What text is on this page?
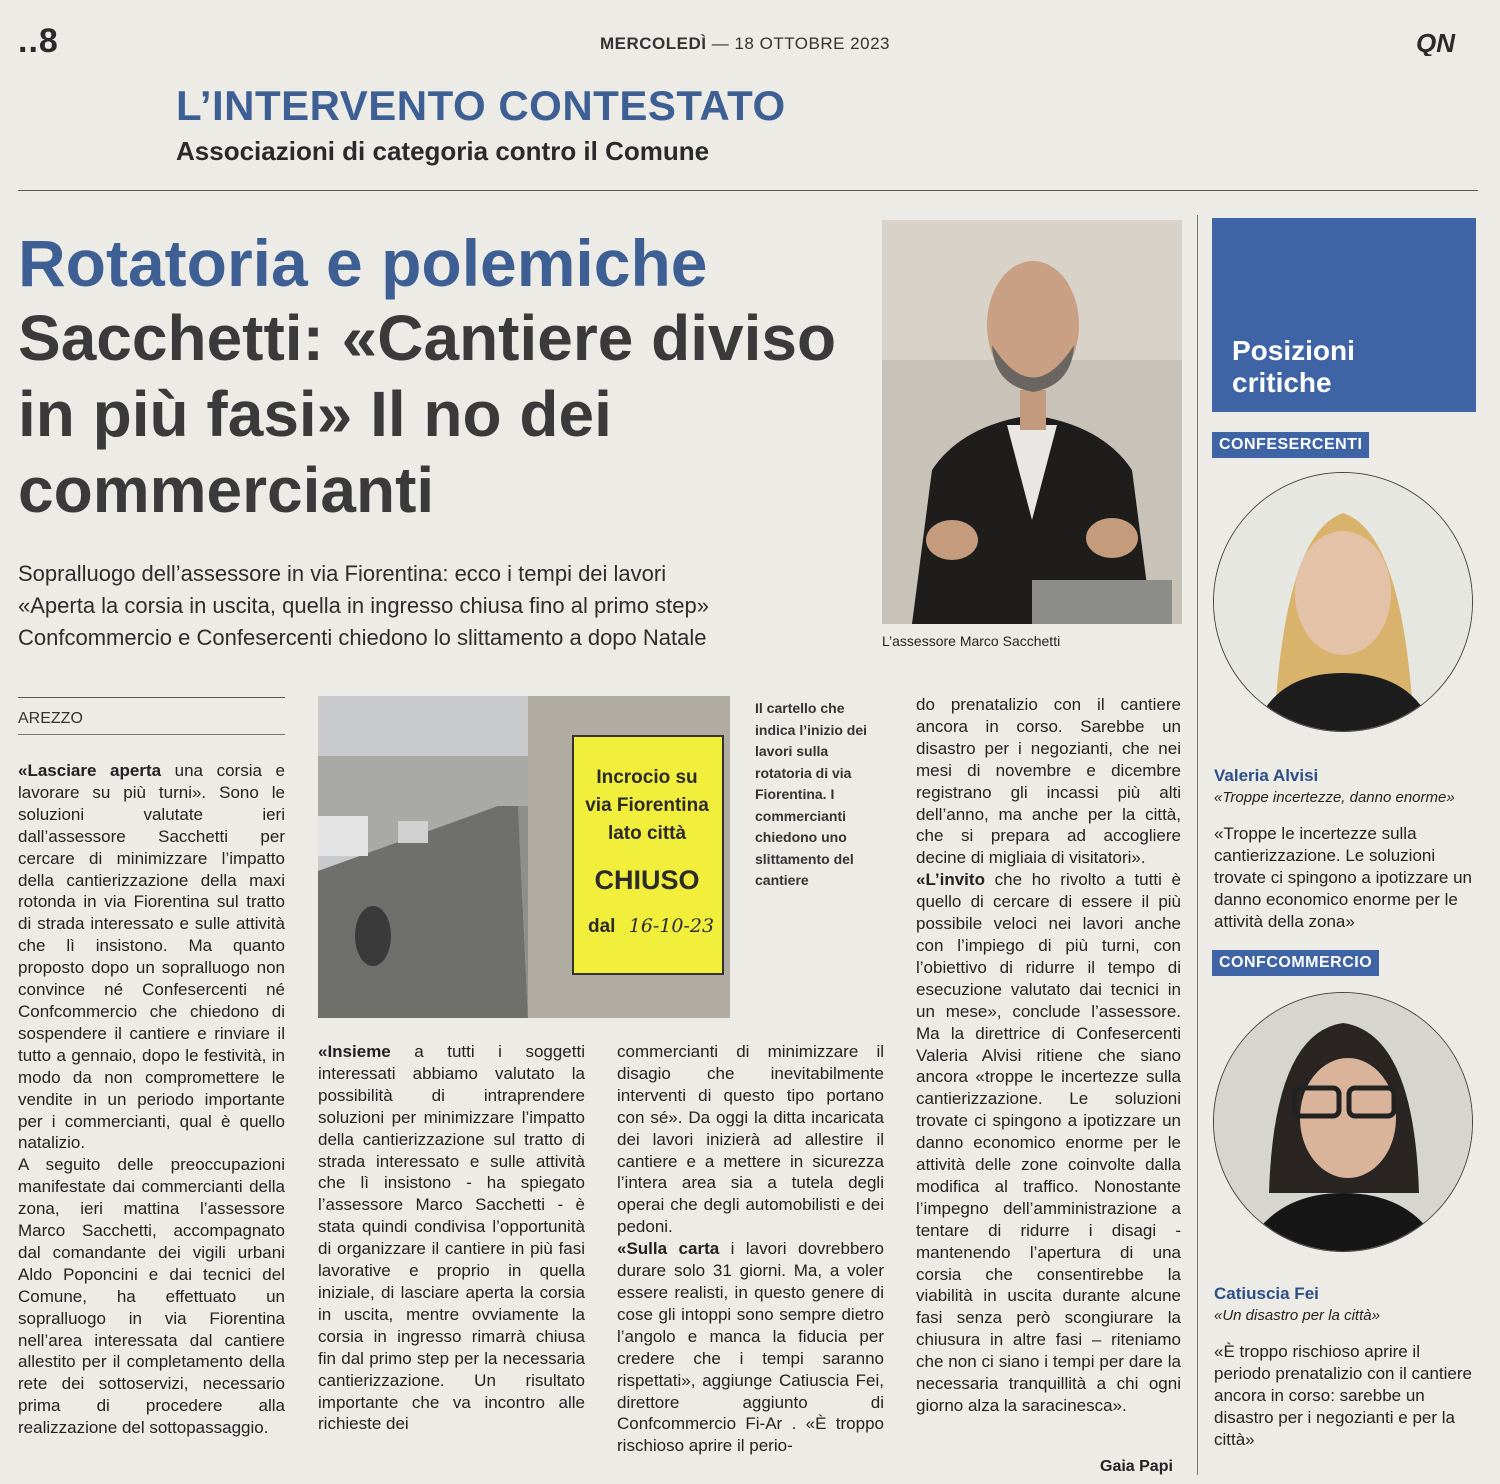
..8	MERCOLEDÌ — 18 OTTOBRE 2023	QN
L’INTERVENTO CONTESTATO
Associazioni di categoria contro il Comune
Rotatoria e polemiche
Sacchetti: «Cantiere diviso in più fasi» Il no dei commercianti
Sopralluogo dell’assessore in via Fiorentina: ecco i tempi dei lavori
«Aperta la corsia in uscita, quella in ingresso chiusa fino al primo step»
Confcommercio e Confesercenti chiedono lo slittamento a dopo Natale	L’assessore Marco Sacchetti
Posizioni
critiche
CONFESERCENTI
Valeria Alvisi
«Troppe incertezze, danno enorme»
«Troppe le incertezze sulla cantierizzazione. Le soluzioni trovate ci spingono a ipotizzare un danno economico enorme per le attività della zona»
CONFCOMMERCIO
Catiuscia Fei
«Un disastro per la città»
«È troppo rischioso aprire il periodo prenatalizio con il cantiere ancora in corso: sarebbe un disastro per i negozianti e per la città»
AREZZO

«Lasciare aperta una corsia e lavorare su più turni». Sono le soluzioni valutate ieri dall’assessore Sacchetti per cercare di minimizzare l’impatto della cantierizzazione della maxi rotonda in via Fiorentina sul tratto di strada interessato e sulle attività che lì insistono. Ma quanto proposto dopo un sopralluogo non convince né Confesercenti né Confcommercio che chiedono di sospendere il cantiere e rinviare il tutto a gennaio, dopo le festività, in modo da non compromettere le vendite in un periodo importante per i commercianti, qual è quello natalizio.

A seguito delle preoccupazioni manifestate dai commercianti della zona, ieri mattina l’assessore Marco Sacchetti, accompagnato dal comandante dei vigili urbani Aldo Poponcini e dai tecnici del Comune, ha effettuato un sopralluogo in via Fiorentina nell’area interessata dal cantiere allestito per il completamento della rete dei sottoservizi, necessario prima di procedere alla realizzazione del sottopassaggio.

Incrocio su
via Fiorentina
lato città
CHIUSO
dal 16-10-23
Il cartello che indica l’inizio dei lavori sulla rotatoria di via Fiorentina. I commercianti chiedono uno slittamento del cantiere

«Insieme a tutti i soggetti interessati abbiamo valutato la possibilità di intraprendere soluzioni per minimizzare l’impatto della cantierizzazione sul tratto di strada interessato e sulle attività che lì insistono - ha spiegato l’assessore Marco Sacchetti - è stata quindi condivisa l’opportunità di organizzare il cantiere in più fasi lavorative e proprio in quella iniziale, di lasciare aperta la corsia in uscita, mentre ovviamente la corsia in ingresso rimarrà chiusa fin dal primo step per la necessaria cantierizzazione. Un risultato importante che va incontro alle richieste dei

commercianti di minimizzare il disagio che inevitabilmente interventi di questo tipo portano con sé». Da oggi la ditta incaricata dei lavori inizierà ad allestire il cantiere e a mettere in sicurezza l’intera area sia a tutela degli operai che degli automobilisti e dei pedoni.

«Sulla carta i lavori dovrebbero durare solo 31 giorni. Ma, a voler essere realisti, in questo genere di cose gli intoppi sono sempre dietro l’angolo e manca la fiducia per credere che i tempi saranno rispettati», aggiunge Catiuscia Fei, direttore aggiunto di Confcommercio Fi-Ar . «È troppo rischioso aprire il perio-

do prenatalizio con il cantiere ancora in corso. Sarebbe un disastro per i negozianti, che nei mesi di novembre e dicembre registrano gli incassi più alti dell’anno, ma anche per la città, che si prepara ad accogliere decine di migliaia di visitatori».

«L’invito che ho rivolto a tutti è quello di cercare di essere il più possibile veloci nei lavori anche con l’impiego di più turni, con l’obiettivo di ridurre il tempo di esecuzione valutato dai tecnici in un mese», conclude l’assessore. Ma la direttrice di Confesercenti Valeria Alvisi ritiene che siano ancora «troppe le incertezze sulla cantierizzazione. Le soluzioni trovate ci spingono a ipotizzare un danno economico enorme per le attività delle zone coinvolte dalla modifica al traffico. Nonostante l’impegno dell’amministrazione a tentare di ridurre i disagi - mantenendo l’apertura di una corsia che consentirebbe la viabilità in uscita durante alcune fasi senza però scongiurare la chiusura in altre fasi – riteniamo che non ci siano i tempi per dare la necessaria tranquillità a chi ogni giorno alza la saracinesca».

Gaia Papi
